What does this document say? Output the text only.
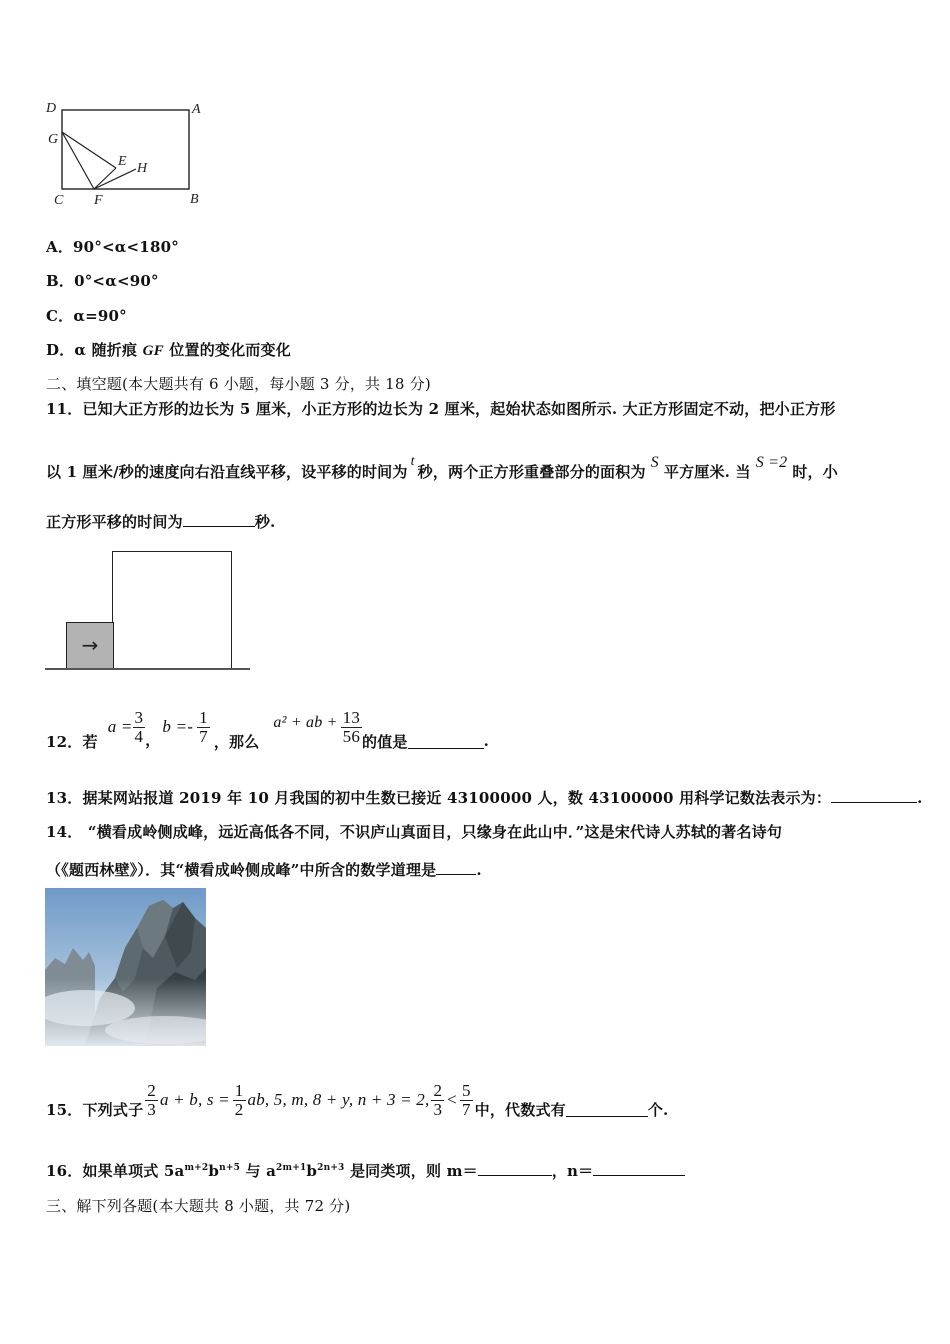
D	A
G
E H
C F	B
A．90°<α<180°
B．0°<α<90°
C．α=90°
D．α 随折痕 GF 位置的变化而变化
二、填空题(本大题共有 6 小题，每小题 3 分，共 18 分)
11．已知大正方形的边长为 5 厘米，小正方形的边长为 2 厘米，起始状态如图所示. 大正方形固定不动，把小正方形
以 1 厘米/秒的速度向右沿直线平移，设平移的时间为t秒，两个正方形重叠部分的面积为S平方厘米. 当S =2时，小
正方形平移的时间为	秒.
→
12．若
$a = \frac{3}{4}$ ，
$b =- \frac{1}{7}$ ，那么
a² + ab + $\frac{13}{56}$ 的值是	.
13．据某网站报道 2019 年 10 月我国的初中生数已接近 43100000 人，数 43100000 用科学记数法表示为：	.
14． “横看成岭侧成峰，远近高低各不同，不识庐山真面目，只缘身在此山中．”这是宋代诗人苏轼的著名诗句
（《题西林壁》）．其“横看成岭侧成峰”中所含的数学道理是	.
15．下列式子 $\frac{2}{3}$ a + b, $s = \frac{1}{2}$ ab, 5, m, 8 + y, n + 3 = 2, $\frac{2}{3} < \frac{5}{7}$ 中，代数式有	个.
16．如果单项式 $5a^{m+2}b^{n+5}$ 与 $a^{2m+1}b^{2n+3}$ 是同类项，则 m＝	，n＝
三、解下列各题(本大题共 8 小题，共 72 分)
